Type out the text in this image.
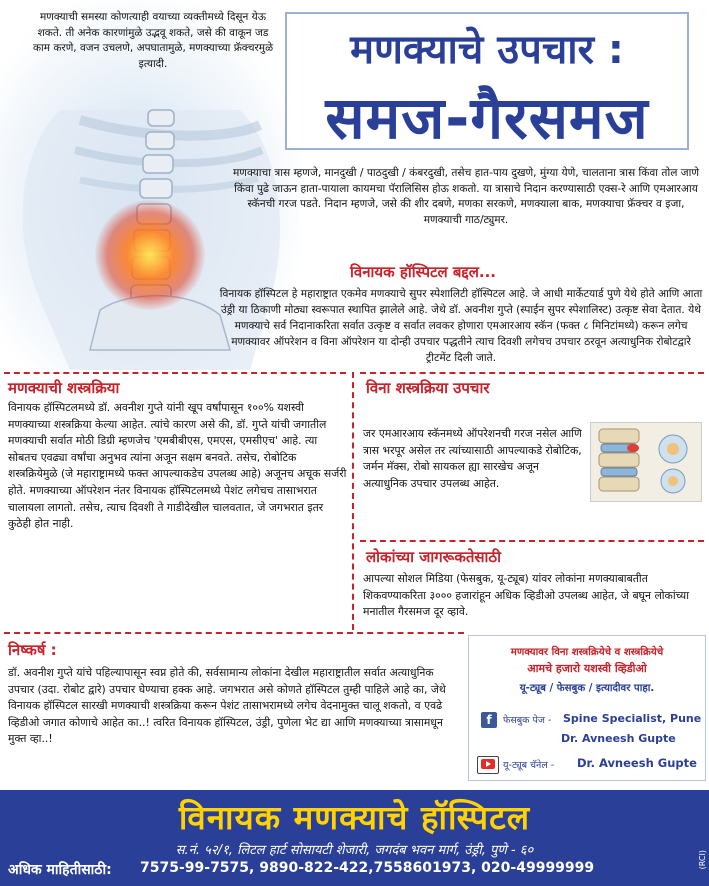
मणक्याची समस्या कोणत्याही वयाच्या व्यक्तीमध्ये दिसून येऊ शकते. ती अनेक कारणांमुळे उद्भवू शकते, जसे की वाकून जड काम करणे, वजन उचलणे, अपघातामुळे, मणक्याच्या फ्रॅक्चरमुळे इत्यादी.	मणक्याचे उपचार :
समज-गैरसमज
मणक्याचा त्रास म्हणजे, मानदुखी / पाठदुखी / कंबरदुखी, तसेच हात-पाय दुखणे, मुंग्या येणे, चालताना त्रास किंवा तोल जाणे किंवा पुढे जाऊन हाता-पायाला कायमचा पॅरालिसिस होऊ शकतो. या त्रासाचे निदान करण्यासाठी एक्स-रे आणि एमआरआय स्कॅनची गरज पडते. निदान म्हणजे, जसे की शीर दबणे, मणका सरकणे, मणक्याला बाक, मणक्याचा फ्रॅक्चर व इजा, मणक्याची गाठ/ट्युमर.
विनायक हॉस्पिटल बद्दल...
विनायक हॉस्पिटल हे महाराष्ट्रात एकमेव मणक्याचे सुपर स्पेशालिटी हॉस्पिटल आहे. जे आधी मार्केटयार्ड पुणे येथे होते आणि आता उंड्री या ठिकाणी मोठ्या स्वरूपात स्थापित झालेले आहे. जेथे डॉ. अवनीश गुप्ते (स्पाईन सुपर स्पेशालिस्ट) उत्कृष्ट सेवा देतात. येथे मणक्याचे सर्व निदानाकरिता सर्वात उत्कृष्ट व सर्वात लवकर होणारा एमआरआय स्कॅन (फक्त ८ मिनिटांमध्ये) करून लगेच मणक्यावर ऑपरेशन व विना ऑपरेशन या दोन्ही उपचार पद्धतीने त्याच दिवशी लगेचच उपचार ठरवून अत्याधुनिक रोबोटद्वारे ट्रीटमेंट दिली जाते.
मणक्याची शस्त्रक्रिया
विनायक हॉस्पिटलमध्ये डॉ. अवनीश गुप्ते यांनी खूप वर्षांपासून १००% यशस्वी मणक्याच्या शस्त्रक्रिया केल्या आहेत. त्यांचे कारण असे की, डॉ. गुप्ते यांची जगातील मणक्याची सर्वात मोठी डिग्री म्हणजेच 'एमबीबीएस, एमएस, एमसीएच' आहे. त्या सोबतच एवढ्या वर्षांचा अनुभव त्यांना अजून सक्षम बनवते. तसेच, रोबोटिक शस्त्रक्रियेमुळे (जे महाराष्ट्रामध्ये फक्त आपल्याकडेच उपलब्ध आहे) अजूनच अचूक सर्जरी होते. मणक्याच्या ऑपरेशन नंतर विनायक हॉस्पिटलमध्ये पेशंट लगेचच तासाभरात चालायला लागतो. तसेच, त्याच दिवशी ते गाडीदेखील चालवतात, जे जगभरात इतर कुठेही होत नाही.
विना शस्त्रक्रिया उपचार
जर एमआरआय स्कॅनमध्ये ऑपरेशनची गरज नसेल आणि त्रास भरपूर असेल तर त्यांच्यासाठी आपल्याकडे रोबोटिक, जर्मन मॅक्स, रोबो सायकल ह्या सारखेच अजून अत्याधुनिक उपचार उपलब्ध आहेत.
लोकांच्या जागरूकतेसाठी
आपल्या सोशल मिडिया (फेसबुक, यू-ट्यूब) यांवर लोकांना मणक्याबाबतीत शिकवण्याकरिता ३००० हजारांहून अधिक व्हिडीओ उपलब्ध आहेत, जे बघून लोकांच्या मनातील गैरसमज दूर व्हावे.
निष्कर्ष :
डॉ. अवनीश गुप्ते यांचे पहिल्यापासून स्वप्न होते की, सर्वसामान्य लोकांना देखील महाराष्ट्रातील सर्वात अत्याधुनिक उपचार (उदा. रोबोट द्वारे) उपचार घेण्याचा हक्क आहे. जगभरात असे कोणते हॉस्पिटल तुम्ही पाहिले आहे का, जेथे विनायक हॉस्पिटल सारखी मणक्याची शस्त्रक्रिया करून पेशंट तासाभरामध्ये लगेच वेदनामुक्त चालू शकतो, व एवढे व्हिडीओ जगात कोणाचे आहेत का..! त्वरित विनायक हॉस्पिटल, उंड्री, पुणेला भेट द्या आणि मणक्याच्या त्रासामधून मुक्त व्हा..!
मणक्यावर विना शस्त्रक्रियेचे व शस्त्रक्रियेचे
आमचे हजारो यशस्वी व्हिडीओ
यू-ट्यूब / फेसबुक / इत्यादीवर पाहा.
f	फेसबुक पेज - Spine Specialist, Pune
Dr. Avneesh Gupte
यू-ट्यूब चॅनेल - Dr. Avneesh Gupte
विनायक मणक्याचे हॉस्पिटल
स.नं. ५२/१, लिटल हार्ट सोसायटी शेजारी, जगदंब भवन मार्ग, उंड्री, पुणे - ६०
अधिक माहितीसाठी: 7575-99-7575, 9890-822-422,7558601973, 020-49999999	(RCI)
